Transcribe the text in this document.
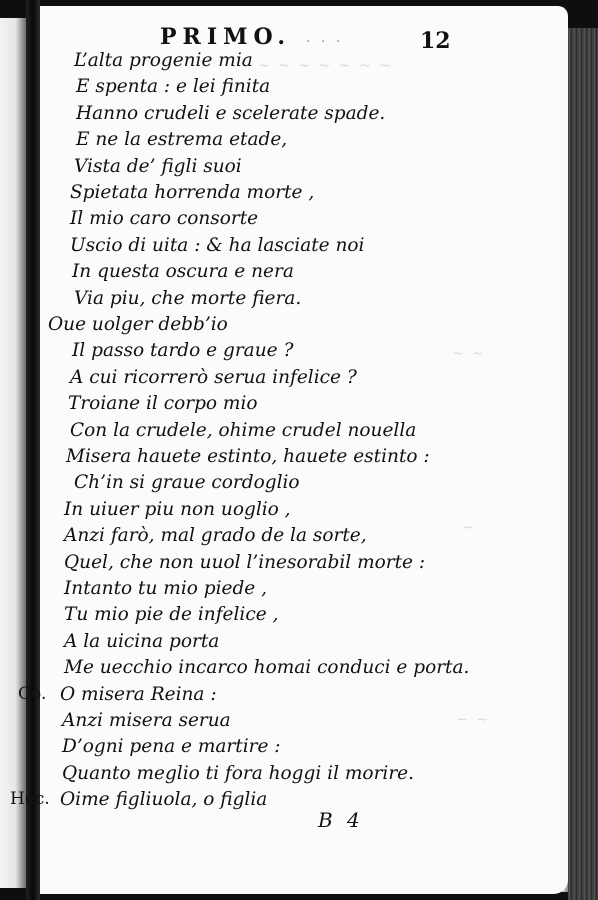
~ ~ ~ ~ ~ ~ ~
~ ~
~
~ ~
PRIMO. · · ·	12
L’alta progenie mia
E spenta : e lei finita
Hanno crudeli e scelerate spade.
E ne la estrema etade,
Vista de’ figli suoi
Spietata horrenda morte ,
Il mio caro consorte
Uscio di uita : & ha lasciate noi
In questa oscura e nera
Via piu, che morte fiera.
Oue uolger debb’io
Il passo tardo e graue ?
A cui ricorrerò serua infelice ?
Troiane il corpo mio
Con la crudele, ohime crudel nouella
Misera hauete estinto, hauete estinto :
Ch’in si graue cordoglio
In uiuer piu non uoglio ,
Anzi farò, mal grado de la sorte,
Quel, che non uuol l’inesorabil morte :
Intanto tu mio piede ,
Tu mio pie de infelice ,
A la uicina porta
Me uecchio incarco homai conduci e porta.
Co. O misera Reina :
Anzi misera serua
D’ogni pena e martire :
Quanto meglio ti fora hoggi il morire.
Hec. Oime figliuola, o figlia
B 4
